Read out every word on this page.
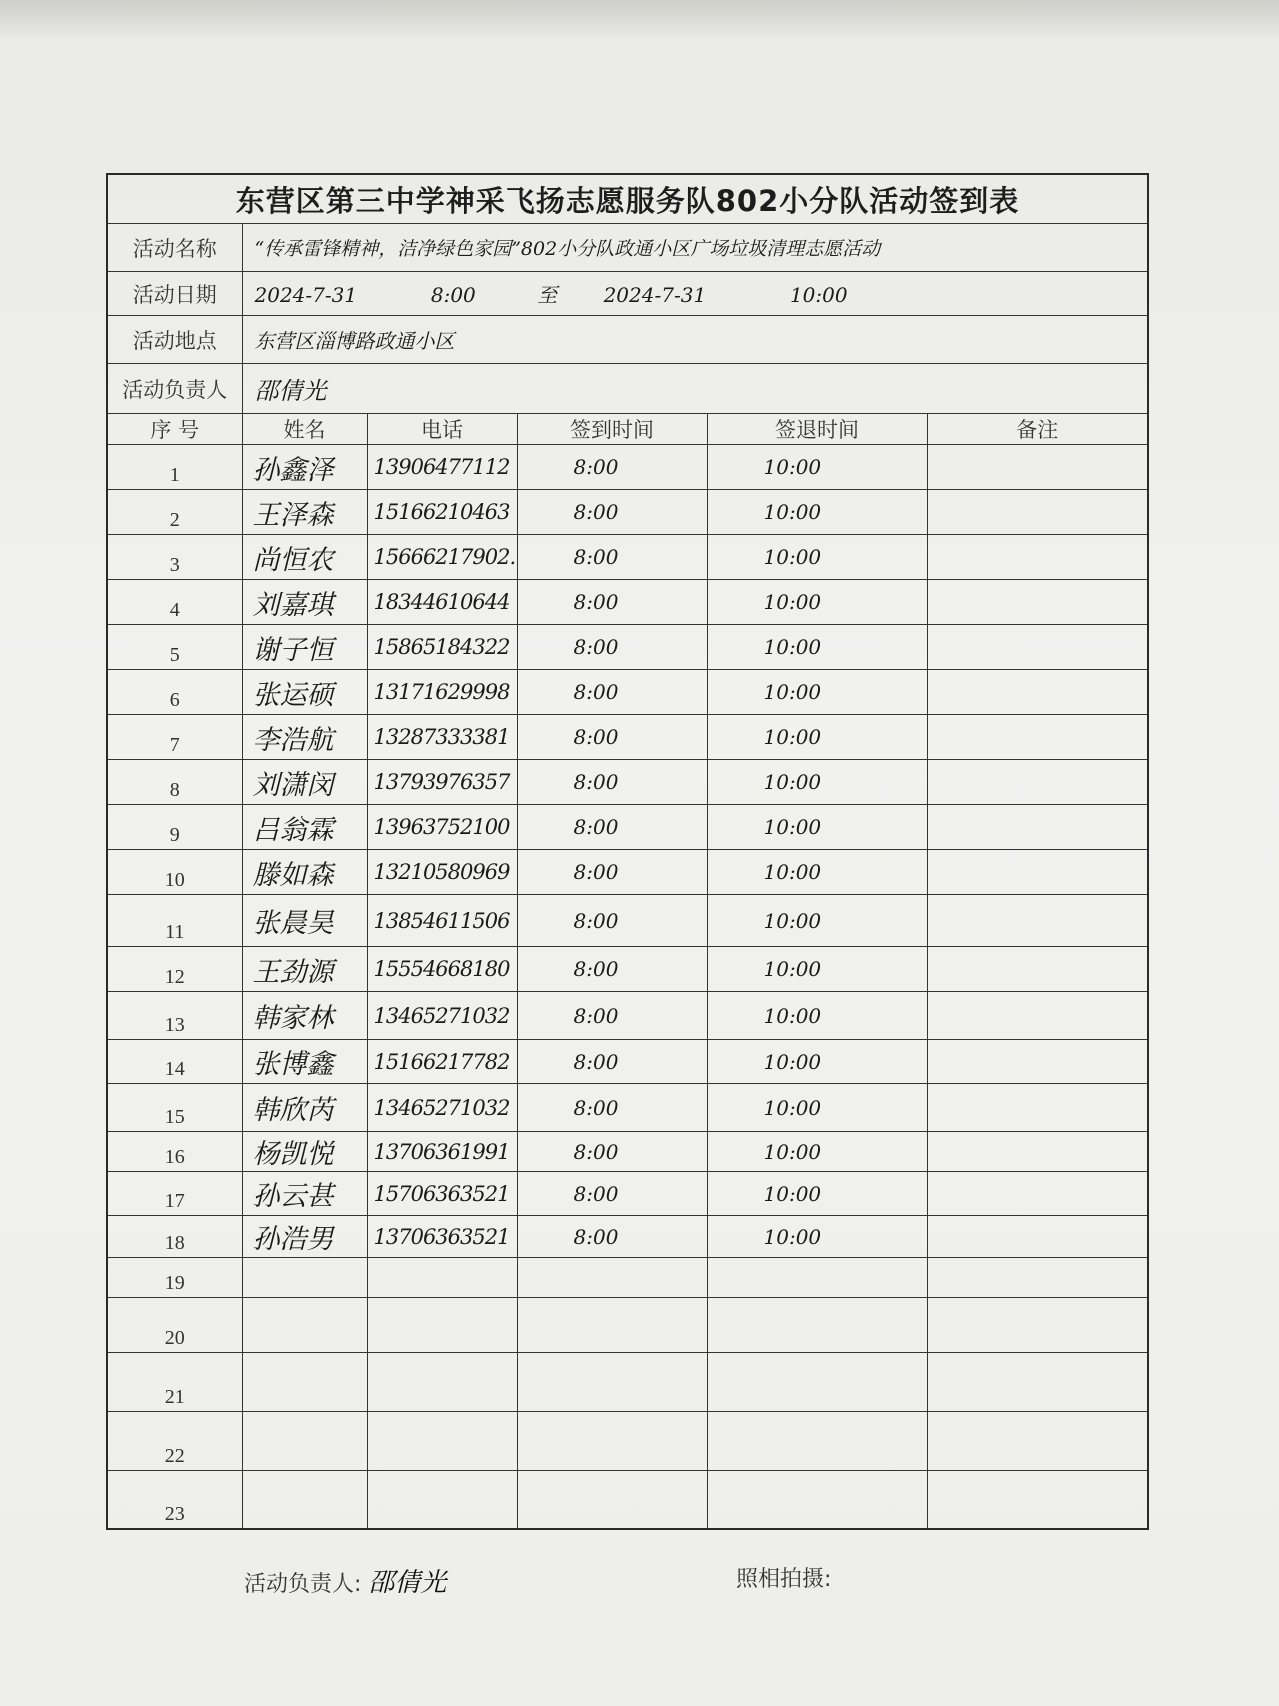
东营区第三中学神采飞扬志愿服务队802小分队活动签到表					
活动名称	“传承雷锋精神，洁净绿色家园”802小分队政通小区广场垃圾清理志愿活动				
活动日期	2024-7-31 8:00 至 2024-7-31 10:00				
活动地点	东营区淄博路政通小区				
活动负责人	邵倩光				
序 号	姓名	电话	签到时间	签退时间	备注
1	孙鑫泽	13906477112	8:00	10:00	
2	王泽森	15166210463	8:00	10:00	
3	尚恒农	15666217902.	8:00	10:00	
4	刘嘉琪	18344610644	8:00	10:00	
5	谢子恒	15865184322	8:00	10:00	
6	张运硕	13171629998	8:00	10:00	
7	李浩航	13287333381	8:00	10:00	
8	刘潇闵	13793976357	8:00	10:00	
9	吕翁霖	13963752100	8:00	10:00	
10	滕如森	13210580969	8:00	10:00	
11	张晨昊	13854611506	8:00	10:00	
12	王劲源	15554668180	8:00	10:00	
13	韩家林	13465271032	8:00	10:00	
14	张博鑫	15166217782	8:00	10:00	
15	韩欣芮	13465271032	8:00	10:00	
16	杨凯悦	13706361991	8:00	10:00	
17	孙云甚	15706363521	8:00	10:00	
18	孙浩男	13706363521	8:00	10:00	
19					
20					
21					
22					
23					
活动负责人: 邵倩光	照相拍摄:
